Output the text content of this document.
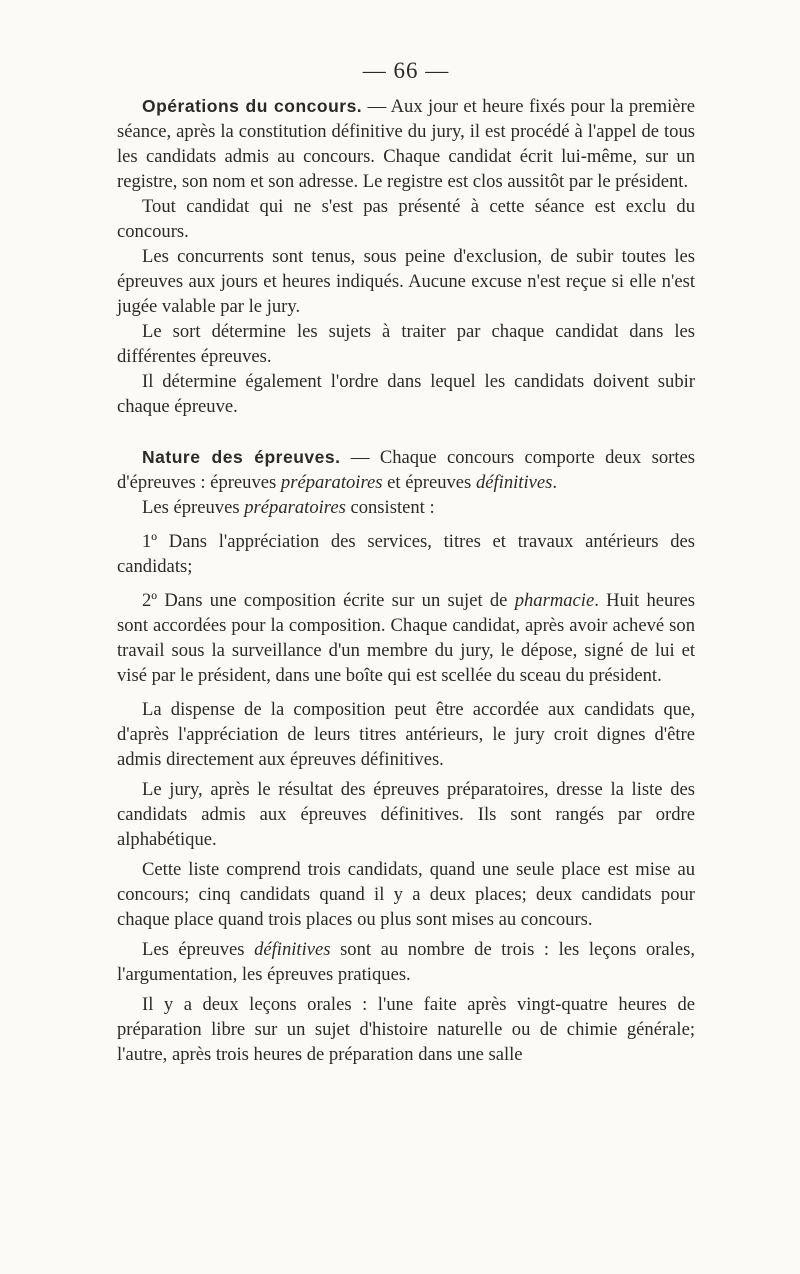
— 66 —

Opérations du concours. — Aux jour et heure fixés pour la première séance, après la constitution définitive du jury, il est procédé à l'appel de tous les candidats admis au concours. Chaque candidat écrit lui-même, sur un registre, son nom et son adresse. Le registre est clos aussitôt par le président.

Tout candidat qui ne s'est pas présenté à cette séance est exclu du concours.

Les concurrents sont tenus, sous peine d'exclusion, de subir toutes les épreuves aux jours et heures indiqués. Aucune excuse n'est reçue si elle n'est jugée valable par le jury.

Le sort détermine les sujets à traiter par chaque candidat dans les différentes épreuves.

Il détermine également l'ordre dans lequel les candidats doivent subir chaque épreuve.

Nature des épreuves. — Chaque concours comporte deux sortes d'épreuves : épreuves préparatoires et épreuves définitives.

Les épreuves préparatoires consistent :

1º Dans l'appréciation des services, titres et travaux antérieurs des candidats;

2º Dans une composition écrite sur un sujet de pharmacie. Huit heures sont accordées pour la composition. Chaque candidat, après avoir achevé son travail sous la surveillance d'un membre du jury, le dépose, signé de lui et visé par le président, dans une boîte qui est scellée du sceau du président.

La dispense de la composition peut être accordée aux candidats que, d'après l'appréciation de leurs titres antérieurs, le jury croit dignes d'être admis directement aux épreuves définitives.

Le jury, après le résultat des épreuves préparatoires, dresse la liste des candidats admis aux épreuves définitives. Ils sont rangés par ordre alphabétique.

Cette liste comprend trois candidats, quand une seule place est mise au concours; cinq candidats quand il y a deux places; deux candidats pour chaque place quand trois places ou plus sont mises au concours.

Les épreuves définitives sont au nombre de trois : les leçons orales, l'argumentation, les épreuves pratiques.

Il y a deux leçons orales : l'une faite après vingt-quatre heures de préparation libre sur un sujet d'histoire naturelle ou de chimie générale; l'autre, après trois heures de préparation dans une salle
